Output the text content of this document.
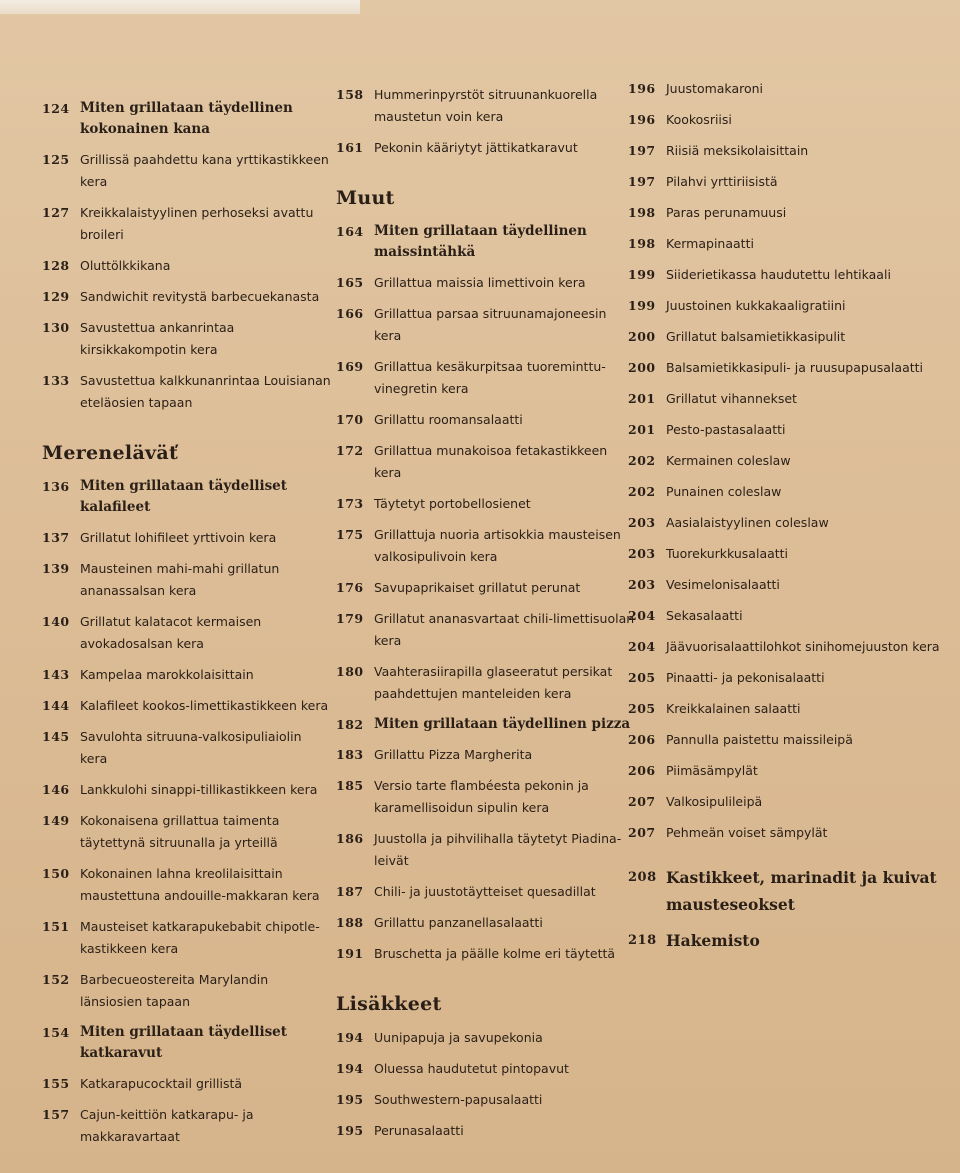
124 Miten grillataan täydellinen kokonainen kana
125 Grillissä paahdettu kana yrttikastikkeen kera
127 Kreikkalaistyylinen perhoseksi avattu broileri
128 Oluttölkkikana
129 Sandwichit revitystä barbecuekanasta
130 Savustettua ankanrintaa kirsikkakompotin kera
133 Savustettua kalkkunanrintaa Louisianan eteläosien tapaan
Mereneläväť
136 Miten grillataan täydelliset kalafileet
137 Grillatut lohifileet yrttivoin kera
139 Mausteinen mahi-mahi grillatun ananassalsan kera
140 Grillatut kalatacot kermaisen avokadosalsan kera
143 Kampelaa marokkolaisittain
144 Kalafileet kookos-limettikastikkeen kera
145 Savulohta sitruuna-valkosipuliaiolin kera
146 Lankkulohi sinappi-tillikastikkeen kera
149 Kokonaisena grillattua taimenta täytettynä sitruunalla ja yrteillä
150 Kokonainen lahna kreolilaisittain maustettuna andouille-makkaran kera
151 Mausteiset katkarapukebabit chipotle-kastikkeen kera
152 Barbecueostereita Marylandin länsiosien tapaan
154 Miten grillataan täydelliset katkaravut
155 Katkarapucocktail grillistä
157 Cajun-keittiön katkarapu- ja makkaravartaat
158 Hummerinpyrstöt sitruunankuorella maustetun voin kera
161 Pekonin kääriytyt jättikatkaravut
Muut
164 Miten grillataan täydellinen maissintähkä
165 Grillattua maissia limettivoin kera
166 Grillattua parsaa sitruunamajoneesin kera
169 Grillattua kesäkurpitsaa tuoreminttu-vinegretin kera
170 Grillattu roomansalaatti
172 Grillattua munakoisoa fetakastikkeen kera
173 Täytetyt portobellosienet
175 Grillattuja nuoria artisokkia mausteisen valkosipulivoin kera
176 Savupaprikaiset grillatut perunat
179 Grillatut ananasvartaat chili-limettisuolan kera
180 Vaahterasiirapilla glaseeratut persikat paahdettujen manteleiden kera
182 Miten grillataan täydellinen pizza
183 Grillattu Pizza Margherita
185 Versio tarte flambéesta pekonin ja karamellisoidun sipulin kera
186 Juustolla ja pihvilihalla täytetyt Piadina-leivät
187 Chili- ja juustotäytteiset quesadillat
188 Grillattu panzanellasalaatti
191 Bruschetta ja päälle kolme eri täytettä
Lisäkkeet
194 Uunipapuja ja savupekonia
194 Oluessa haudutetut pintopavut
195 Southwestern-papusalaatti
195 Perunasalaatti
196 Juustomakaroni
196 Kookosriisi
197 Riisiä meksikolaisittain
197 Pilahvi yrttiriisistä
198 Paras perunamuusi
198 Kermapinaatti
199 Siiderietikassa haudutettu lehtikaali
199 Juustoinen kukkakaaligratiini
200 Grillatut balsamietikkasipulit
200 Balsamietikkasipuli- ja ruusupapusalaatti
201 Grillatut vihannekset
201 Pesto-pastasalaatti
202 Kermainen coleslaw
202 Punainen coleslaw
203 Aasialaistyylinen coleslaw
203 Tuorekurkkusalaatti
203 Vesimelonisalaatti
204 Sekasalaatti
204 Jäävuorisalaattilohkot sinihomejuuston kera
205 Pinaatti- ja pekonisalaatti
205 Kreikkalainen salaatti
206 Pannulla paistettu maissileipä
206 Piimäsämpylät
207 Valkosipulileipä
207 Pehmeän voiset sämpylät
208 Kastikkeet, marinadit ja kuivat mausteseokset
218 Hakemisto
